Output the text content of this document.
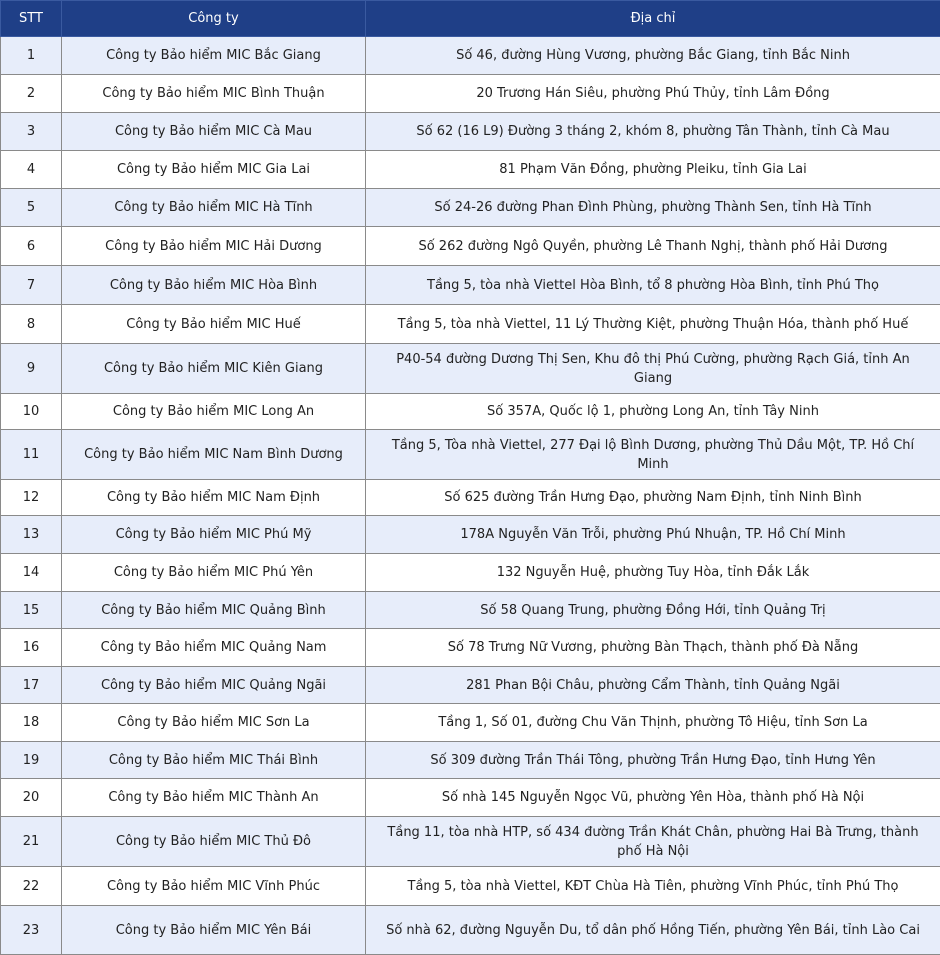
STT	Công ty	Địa chỉ
1	Công ty Bảo hiểm MIC Bắc Giang	Số 46, đường Hùng Vương, phường Bắc Giang, tỉnh Bắc Ninh
2	Công ty Bảo hiểm MIC Bình Thuận	20 Trương Hán Siêu, phường Phú Thủy, tỉnh Lâm Đồng
3	Công ty Bảo hiểm MIC Cà Mau	Số 62 (16 L9) Đường 3 tháng 2, khóm 8, phường Tân Thành, tỉnh Cà Mau
4	Công ty Bảo hiểm MIC Gia Lai	81 Phạm Văn Đồng, phường Pleiku, tỉnh Gia Lai
5	Công ty Bảo hiểm MIC Hà Tĩnh	Số 24-26 đường Phan Đình Phùng, phường Thành Sen, tỉnh Hà Tĩnh
6	Công ty Bảo hiểm MIC Hải Dương	Số 262 đường Ngô Quyền, phường Lê Thanh Nghị, thành phố Hải Dương
7	Công ty Bảo hiểm MIC Hòa Bình	Tầng 5, tòa nhà Viettel Hòa Bình, tổ 8 phường Hòa Bình, tỉnh Phú Thọ
8	Công ty Bảo hiểm MIC Huế	Tầng 5, tòa nhà Viettel, 11 Lý Thường Kiệt, phường Thuận Hóa, thành phố Huế
9	Công ty Bảo hiểm MIC Kiên Giang	P40-54 đường Dương Thị Sen, Khu đô thị Phú Cường, phường Rạch Giá, tỉnh An Giang
10	Công ty Bảo hiểm MIC Long An	Số 357A, Quốc lộ 1, phường Long An, tỉnh Tây Ninh
11	Công ty Bảo hiểm MIC Nam Bình Dương	Tầng 5, Tòa nhà Viettel, 277 Đại lộ Bình Dương, phường Thủ Dầu Một, TP. Hồ Chí Minh
12	Công ty Bảo hiểm MIC Nam Định	Số 625 đường Trần Hưng Đạo, phường Nam Định, tỉnh Ninh Bình
13	Công ty Bảo hiểm MIC Phú Mỹ	178A Nguyễn Văn Trỗi, phường Phú Nhuận, TP. Hồ Chí Minh
14	Công ty Bảo hiểm MIC Phú Yên	132 Nguyễn Huệ, phường Tuy Hòa, tỉnh Đắk Lắk
15	Công ty Bảo hiểm MIC Quảng Bình	Số 58 Quang Trung, phường Đồng Hới, tỉnh Quảng Trị
16	Công ty Bảo hiểm MIC Quảng Nam	Số 78 Trưng Nữ Vương, phường Bàn Thạch, thành phố Đà Nẵng
17	Công ty Bảo hiểm MIC Quảng Ngãi	281 Phan Bội Châu, phường Cẩm Thành, tỉnh Quảng Ngãi
18	Công ty Bảo hiểm MIC Sơn La	Tầng 1, Số 01, đường Chu Văn Thịnh, phường Tô Hiệu, tỉnh Sơn La
19	Công ty Bảo hiểm MIC Thái Bình	Số 309 đường Trần Thái Tông, phường Trần Hưng Đạo, tỉnh Hưng Yên
20	Công ty Bảo hiểm MIC Thành An	Số nhà 145 Nguyễn Ngọc Vũ, phường Yên Hòa, thành phố Hà Nội
21	Công ty Bảo hiểm MIC Thủ Đô	Tầng 11, tòa nhà HTP, số 434 đường Trần Khát Chân, phường Hai Bà Trưng, thành phố Hà Nội
22	Công ty Bảo hiểm MIC Vĩnh Phúc	Tầng 5, tòa nhà Viettel, KĐT Chùa Hà Tiên, phường Vĩnh Phúc, tỉnh Phú Thọ
23	Công ty Bảo hiểm MIC Yên Bái	Số nhà 62, đường Nguyễn Du, tổ dân phố Hồng Tiến, phường Yên Bái, tỉnh Lào Cai
